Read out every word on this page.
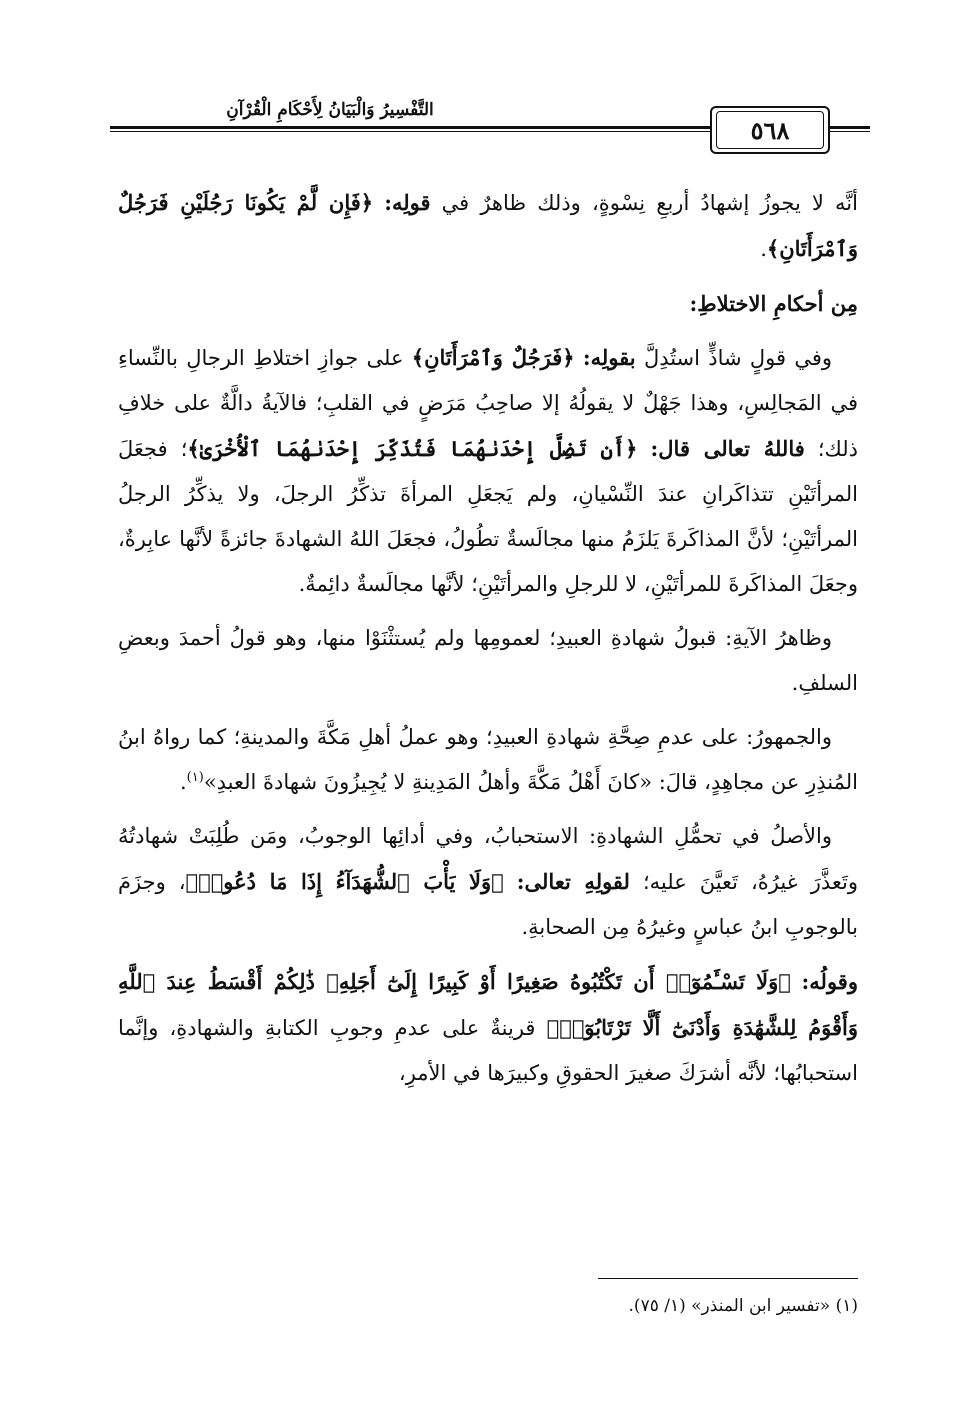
التَّفْسِيرُ وَالْبَيَانُ لِأَحْكَامِ الْقُرْآنِ
٥٦٨

أنَّه لا يجوزُ إشهادُ أربعِ نِسْوةٍ، وذلك ظاهرٌ في قولِه: ﴿فَإِن لَّمْ يَكُونَا رَجُلَيْنِ فَرَجُلٌ وَٱمْرَأَتَانِ﴾.

مِن أحكامِ الاختلاطِ:

وفي قولٍ شاذٍّ استُدِلَّ بقولِه: ﴿فَرَجُلٌ وَٱمْرَأَتَانِ﴾ على جوازِ اختلاطِ الرجالِ بالنِّساءِ في المَجالِسِ، وهذا جَهْلٌ لا يقولُهُ إلا صاحِبُ مَرَضٍ في القلبِ؛ فالآيةُ دالَّةٌ على خلافِ ذلك؛ فاللهُ تعالى قال: ﴿أَن تَضِلَّ إِحْدَىٰهُمَا فَتُذَكِّرَ إِحْدَىٰهُمَا ٱلْأُخْرَىٰ﴾؛ فجعَلَ المرأتَيْنِ تتذاكَرانِ عندَ النِّسْيانِ، ولم يَجعَلِ المرأةَ تذكِّرُ الرجلَ، ولا يذكِّرُ الرجلُ المرأتَيْنِ؛ لأنَّ المذاكَرةَ يَلزَمُ منها مجالَسةٌ تطُولُ، فجعَلَ اللهُ الشهادةَ جائزةً لأنَّها عابِرةٌ، وجعَلَ المذاكَرةَ للمرأتَيْنِ، لا للرجلِ والمرأتَيْنِ؛ لأنَّها مجالَسةٌ دائِمةٌ.

وظاهرُ الآيةِ: قبولُ شهادةِ العبيدِ؛ لعمومِها ولم يُستثْنَوْا منها، وهو قولُ أحمدَ وبعضِ السلفِ.

والجمهورُ: على عدمِ صِحَّةِ شهادةِ العبيدِ؛ وهو عملُ أهلِ مَكَّةَ والمدينةِ؛ كما رواهُ ابنُ المُنذِرِ عن مجاهِدٍ، قالَ: «كانَ أَهْلُ مَكَّةَ وأهلُ المَدِينةِ لا يُجِيزُونَ شهادةَ العبدِ»$^{(١)}$.

والأصلُ في تحمُّلِ الشهادةِ: الاستحبابُ، وفي أدائِها الوجوبُ، ومَن طُلِبَتْ شهادتُهُ وتَعذَّرَ غيرُهُ، تَعيَّنَ عليه؛ لقولِهِ تعالى: ﴿وَلَا يَأْبَ ٱلشُّهَدَآءُ إِذَا مَا دُعُوا۟﴾، وجزَمَ بالوجوبِ ابنُ عباسٍ وغيرُهُ مِن الصحابةِ.

وقولُه: ﴿وَلَا تَسْـَٔمُوٓا۟ أَن تَكْتُبُوهُ صَغِيرًا أَوْ كَبِيرًا إِلَىٰٓ أَجَلِهِۦ ذَٰلِكُمْ أَقْسَطُ عِندَ ٱللَّهِ وَأَقْوَمُ لِلشَّهَٰدَةِ وَأَدْنَىٰٓ أَلَّا تَرْتَابُوٓا۟﴾ قرينةٌ على عدمِ وجوبِ الكتابةِ والشهادةِ، وإنَّما استحبابُها؛ لأنَّه أشرَكَ صغيرَ الحقوقِ وكبيرَها في الأمرِ،

(١) «تفسير ابن المنذر» (١/ ٧٥).
